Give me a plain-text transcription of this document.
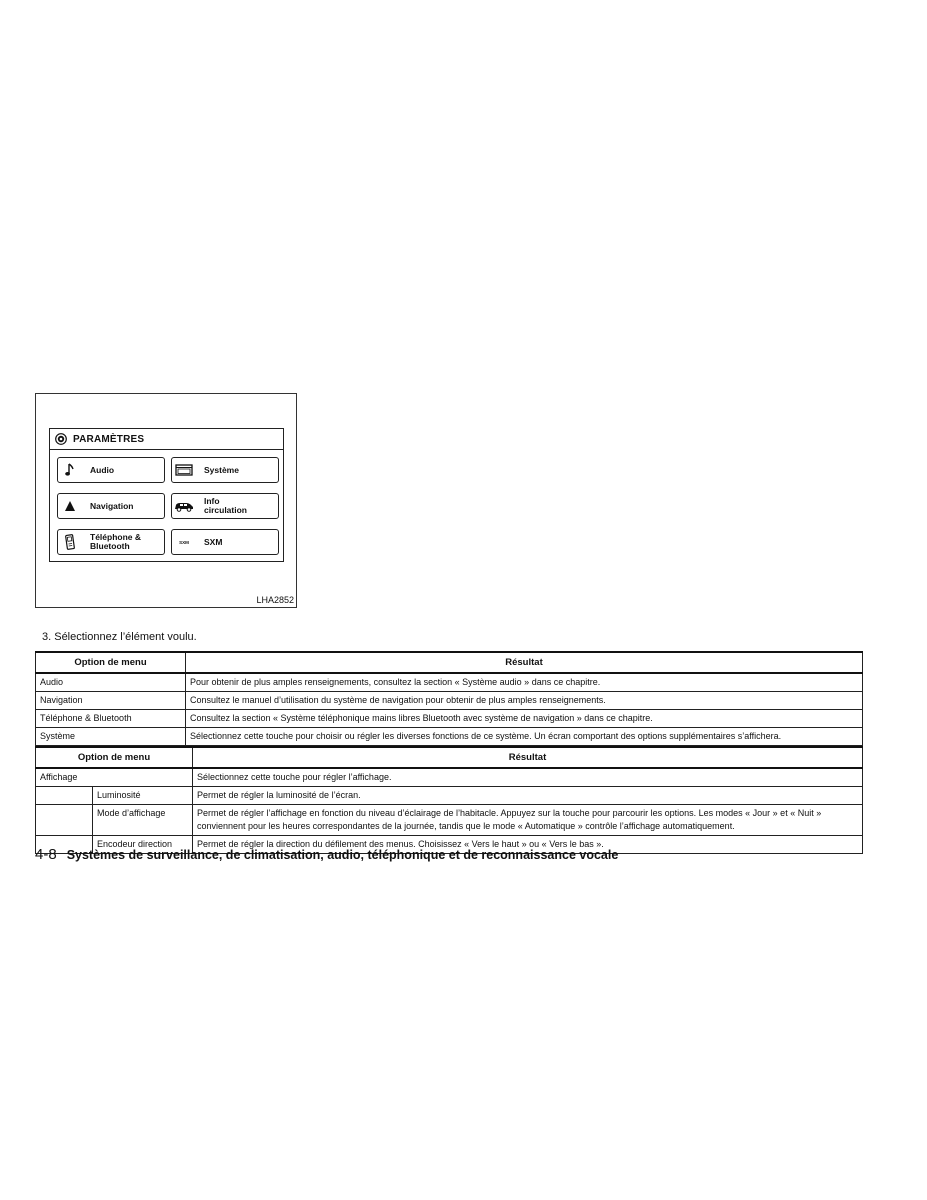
PARAMÈTRES
Audio	Système
Navigation	Info
circulation
Téléphone &
Bluetooth	SXM	SXM
LHA2852
3. Sélectionnez l’élément voulu.
Option de menu	Résultat
Audio	Pour obtenir de plus amples renseignements, consultez la section « Système audio » dans ce chapitre.
Navigation	Consultez le manuel d’utilisation du système de navigation pour obtenir de plus amples renseignements.
Téléphone & Bluetooth	Consultez la section « Système téléphonique mains libres Bluetooth avec système de navigation » dans ce chapitre.
Système	Sélectionnez cette touche pour choisir ou régler les diverses fonctions de ce système. Un écran comportant des options supplémentaires s’affichera.
Option de menu		Résultat
Affichage		Sélectionnez cette touche pour régler l’affichage.
	Luminosité	Permet de régler la luminosité de l’écran.
	Mode d’affichage	Permet de régler l’affichage en fonction du niveau d’éclairage de l’habitacle. Appuyez sur la touche pour parcourir les options. Les modes « Jour » et « Nuit » conviennent pour les heures correspondantes de la journée, tandis que le mode « Automatique » contrôle l’affichage automatiquement.
	Encodeur direction	Permet de régler la direction du défilement des menus. Choisissez « Vers le haut » ou « Vers le bas ».
4-8 Systèmes de surveillance, de climatisation, audio, téléphonique et de reconnaissance vocale
